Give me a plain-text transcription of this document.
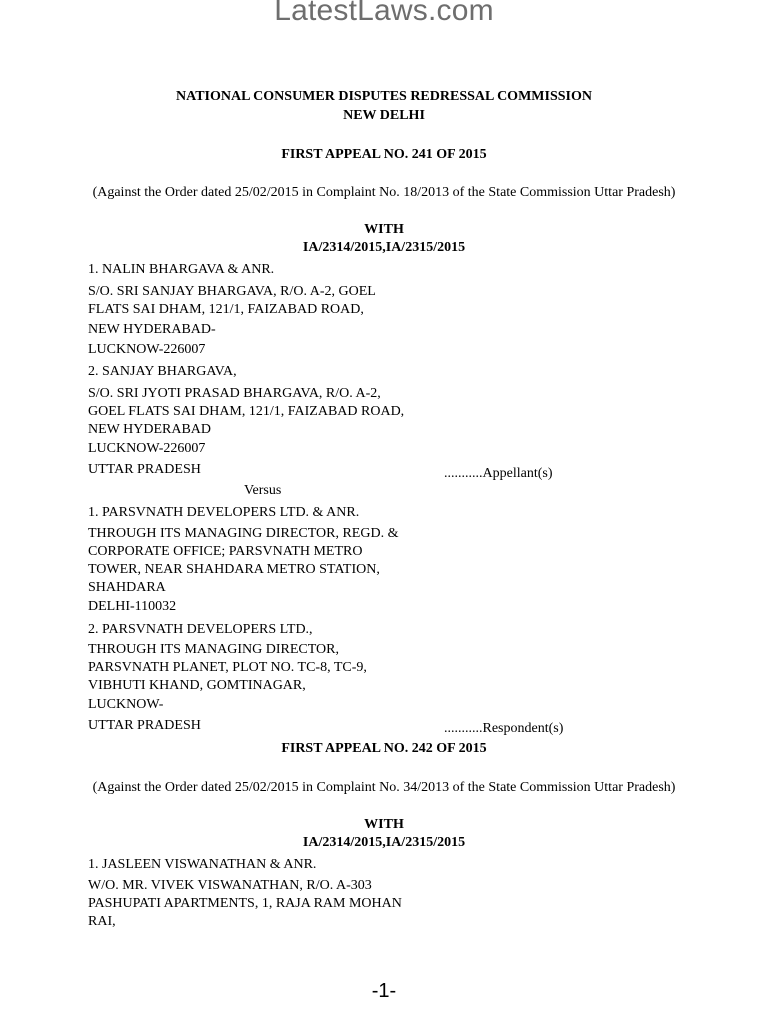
LatestLaws.com
NATIONAL CONSUMER DISPUTES REDRESSAL COMMISSION
NEW DELHI
FIRST APPEAL NO. 241 OF 2015
(Against the Order dated 25/02/2015 in Complaint No. 18/2013 of the State Commission Uttar Pradesh)
WITH
IA/2314/2015,IA/2315/2015
1. NALIN BHARGAVA & ANR.
S/O. SRI SANJAY BHARGAVA, R/O. A-2, GOEL
FLATS SAI DHAM, 121/1, FAIZABAD ROAD,
NEW HYDERABAD-
LUCKNOW-226007
2. SANJAY BHARGAVA,
S/O. SRI JYOTI PRASAD BHARGAVA, R/O. A-2,
GOEL FLATS SAI DHAM, 121/1, FAIZABAD ROAD,
NEW HYDERABAD
LUCKNOW-226007
UTTAR PRADESH	...........Appellant(s)
Versus
1. PARSVNATH DEVELOPERS LTD. & ANR.
THROUGH ITS MANAGING DIRECTOR, REGD. &
CORPORATE OFFICE; PARSVNATH METRO
TOWER, NEAR SHAHDARA METRO STATION,
SHAHDARA
DELHI-110032
2. PARSVNATH DEVELOPERS LTD.,
THROUGH ITS MANAGING DIRECTOR,
PARSVNATH PLANET, PLOT NO. TC-8, TC-9,
VIBHUTI KHAND, GOMTINAGAR,
LUCKNOW-
UTTAR PRADESH	...........Respondent(s)
FIRST APPEAL NO. 242 OF 2015
(Against the Order dated 25/02/2015 in Complaint No. 34/2013 of the State Commission Uttar Pradesh)
WITH
IA/2314/2015,IA/2315/2015
1. JASLEEN VISWANATHAN & ANR.
W/O. MR. VIVEK VISWANATHAN, R/O. A-303
PASHUPATI APARTMENTS, 1, RAJA RAM MOHAN
RAI,
-1-
